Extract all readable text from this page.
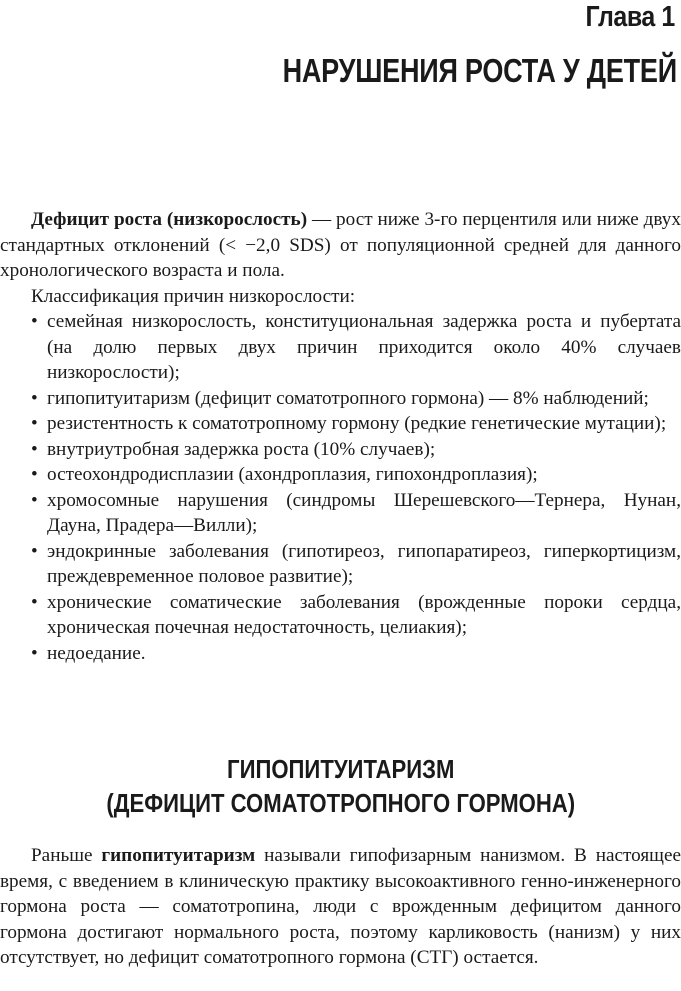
Глава 1
НАРУШЕНИЯ РОСТА У ДЕТЕЙ

Дефицит роста (низкорослость) — рост ниже 3-го перцентиля или ниже двух стандартных отклонений (< −2,0 SDS) от популяционной средней для данного хронологического возраста и пола.

Классификация причин низкорослости:

• семейная низкорослость, конституциональная задержка роста и пубертата (на долю первых двух причин приходится около 40% случаев низкорослости);
• гипопитуитаризм (дефицит соматотропного гормона) — 8% наблюдений;
• резистентность к соматотропному гормону (редкие генетические мутации);
• внутриутробная задержка роста (10% случаев);
• остеохондродисплазии (ахондроплазия, гипохондроплазия);
• хромосомные нарушения (синдромы Шерешевского—Тернера, Нунан, Дауна, Прадера—Вилли);
• эндокринные заболевания (гипотиреоз, гипопаратиреоз, гиперкортицизм, преждевременное половое развитие);
• хронические соматические заболевания (врожденные пороки сердца, хроническая почечная недостаточность, целиакия);
• недоедание.
ГИПОПИТУИТАРИЗМ
(ДЕФИЦИТ СОМАТОТРОПНОГО ГОРМОНА)

Раньше гипопитуитаризм называли гипофизарным нанизмом. В настоящее время, с введением в клиническую практику высокоактивного генно-инженерного гормона роста — соматотропина, люди с врожденным дефицитом данного гормона достигают нормального роста, поэтому карликовость (нанизм) у них отсутствует, но дефицит соматотропного гормона (СТГ) остается.
